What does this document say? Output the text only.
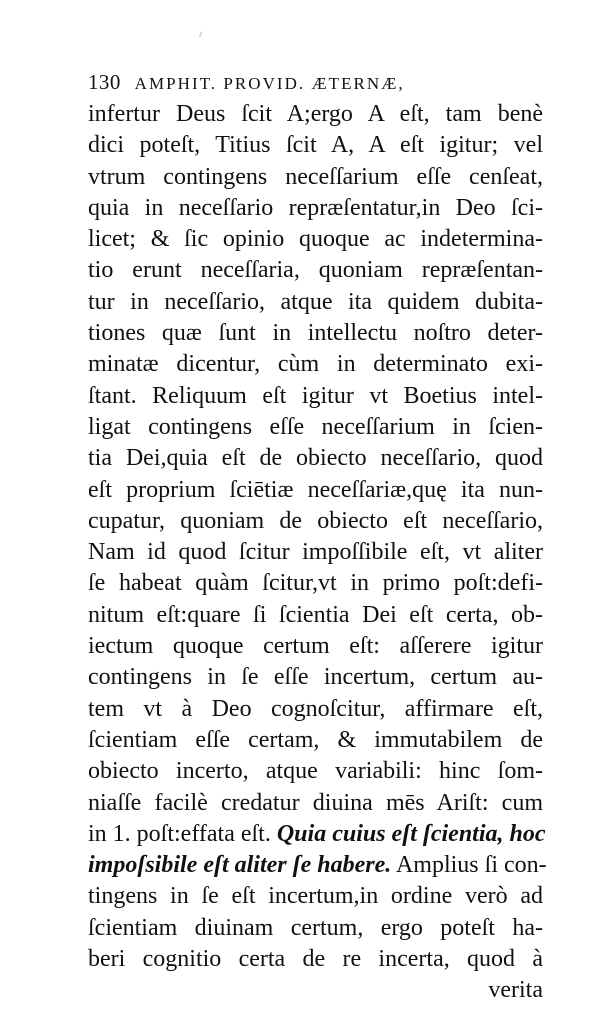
130 AMPHIT. PROVID. ÆTERNÆ,
infertur Deus ſcit A;ergo A eſt, tam benè
dici poteſt, Titius ſcit A, A eſt igitur; vel
vtrum contingens neceſſarium eſſe cenſeat,
quia in neceſſario repræſentatur,in Deo ſci-
licet; & ſic opinio quoque ac indetermina-
tio erunt neceſſaria, quoniam repræſentan-
tur in neceſſario, atque ita quidem dubita-
tiones quæ ſunt in intellectu noſtro deter-
minatæ dicentur, cùm in determinato exi-
ſtant. Reliquum eſt igitur vt Boetius intel-
ligat contingens eſſe neceſſarium in ſcien-
tia Dei,quia eſt de obiecto neceſſario, quod
eſt proprium ſciētiæ neceſſariæ,quę ita nun-
cupatur, quoniam de obiecto eſt neceſſario,
Nam id quod ſcitur impoſſibile eſt, vt aliter
ſe habeat quàm ſcitur,vt in primo poſt:defi-
nitum eſt:quare ſi ſcientia Dei eſt certa, ob-
iectum quoque certum eſt: aſſerere igitur
contingens in ſe eſſe incertum, certum au-
tem vt à Deo cognoſcitur, affirmare eſt,
ſcientiam eſſe certam, & immutabilem de
obiecto incerto, atque variabili: hinc ſom-
niaſſe facilè credatur diuina mēs Ariſt: cum
in 1. poſt:effata eſt. Quia cuius eſt ſcientia, hoc
impoſsibile eſt aliter ſe habere. Amplius ſi con-
tingens in ſe eſt incertum,in ordine verò ad
ſcientiam diuinam certum, ergo poteſt ha-
beri cognitio certa de re incerta, quod à
verita
